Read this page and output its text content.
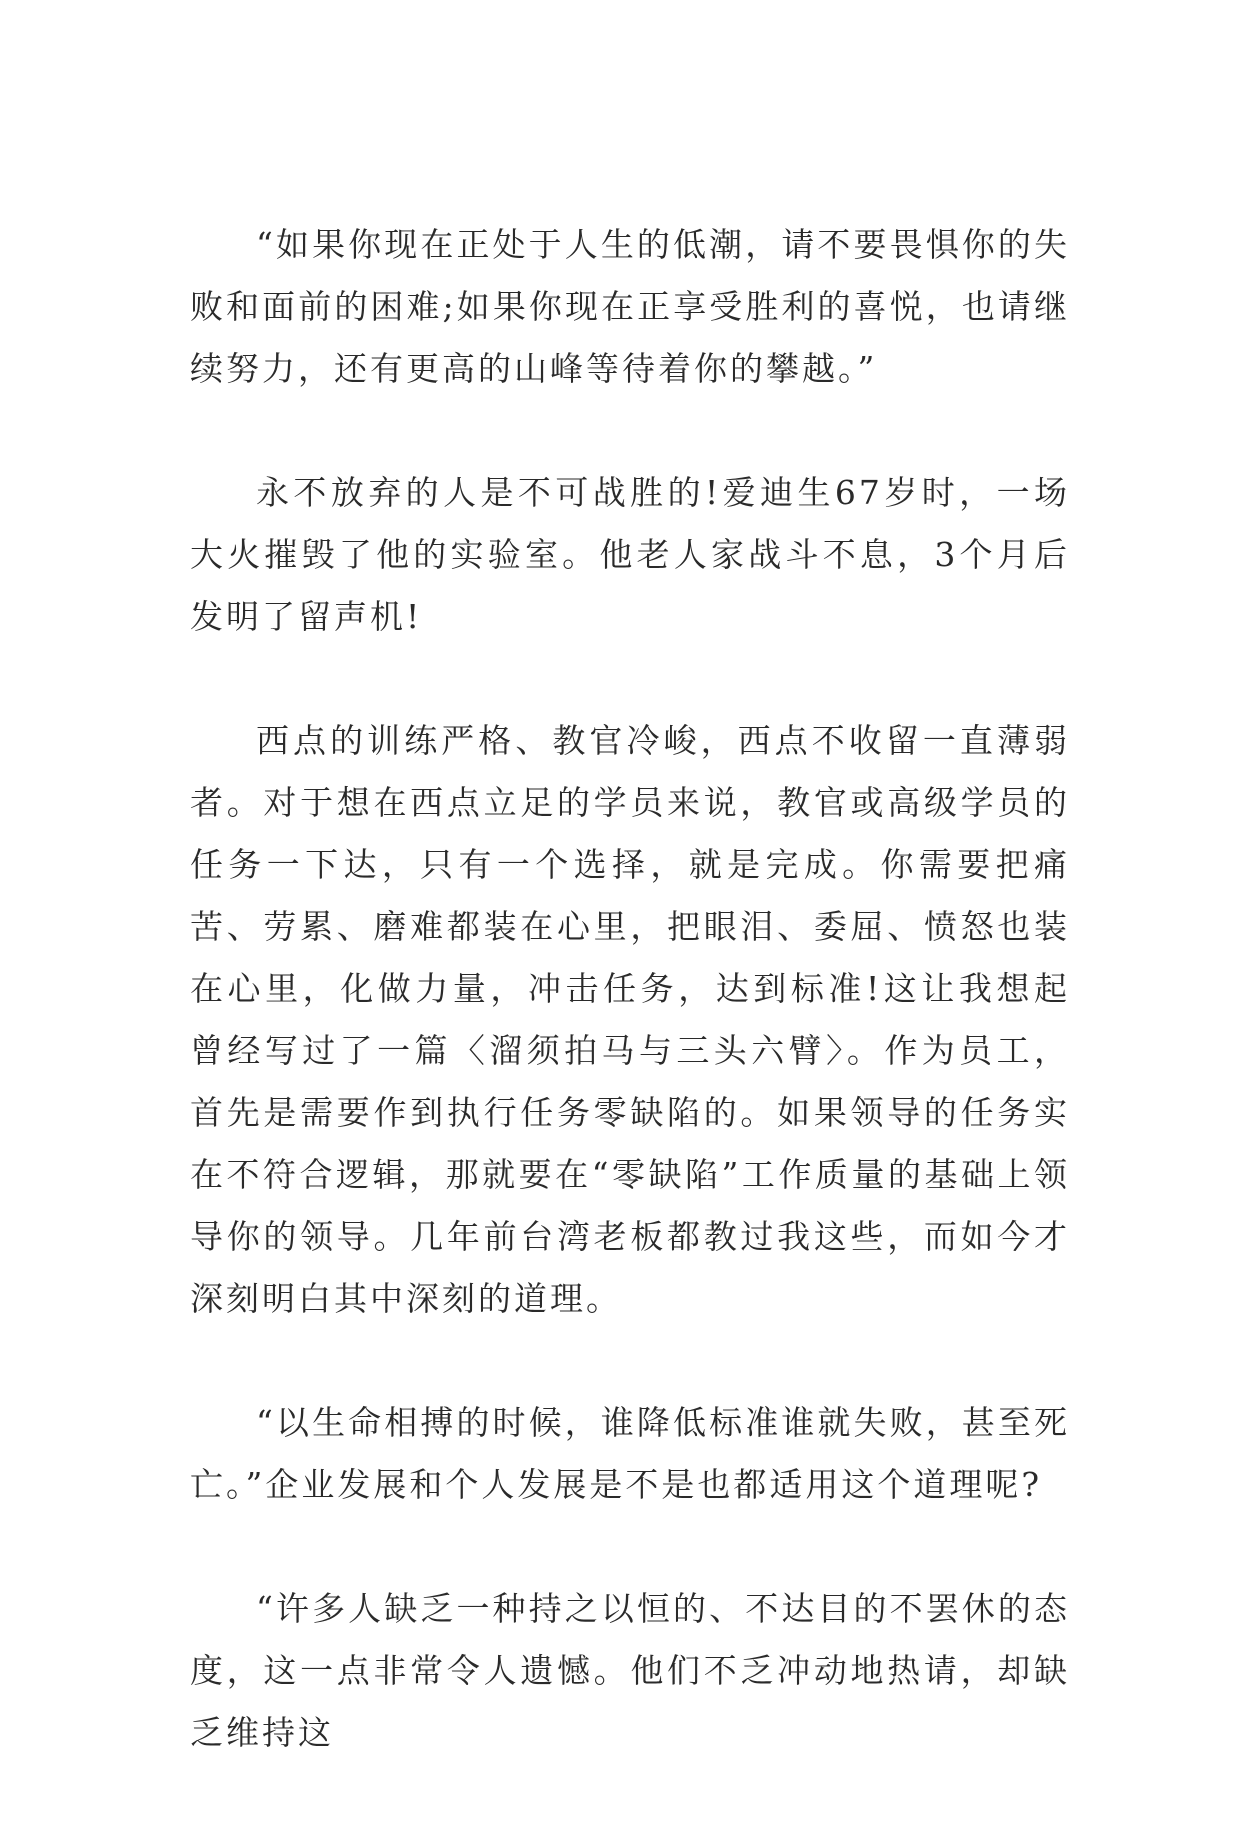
“如果你现在正处于人生的低潮，请不要畏惧你的失败和面前的困难;如果你现在正享受胜利的喜悦，也请继续努力，还有更高的山峰等待着你的攀越。”

永不放弃的人是不可战胜的!爱迪生67岁时，一场大火摧毁了他的实验室。他老人家战斗不息，3个月后发明了留声机!

西点的训练严格、教官冷峻，西点不收留一直薄弱者。对于想在西点立足的学员来说，教官或高级学员的任务一下达，只有一个选择，就是完成。你需要把痛苦、劳累、磨难都装在心里，把眼泪、委屈、愤怒也装在心里，化做力量，冲击任务，达到标准!这让我想起曾经写过了一篇〈溜须拍马与三头六臂〉。作为员工，首先是需要作到执行任务零缺陷的。如果领导的任务实在不符合逻辑，那就要在“零缺陷”工作质量的基础上领导你的领导。几年前台湾老板都教过我这些，而如今才深刻明白其中深刻的道理。

“以生命相搏的时候，谁降低标准谁就失败，甚至死亡。”企业发展和个人发展是不是也都适用这个道理呢?

“许多人缺乏一种持之以恒的、不达目的不罢休的态度，这一点非常令人遗憾。他们不乏冲动地热请，却缺乏维持这
